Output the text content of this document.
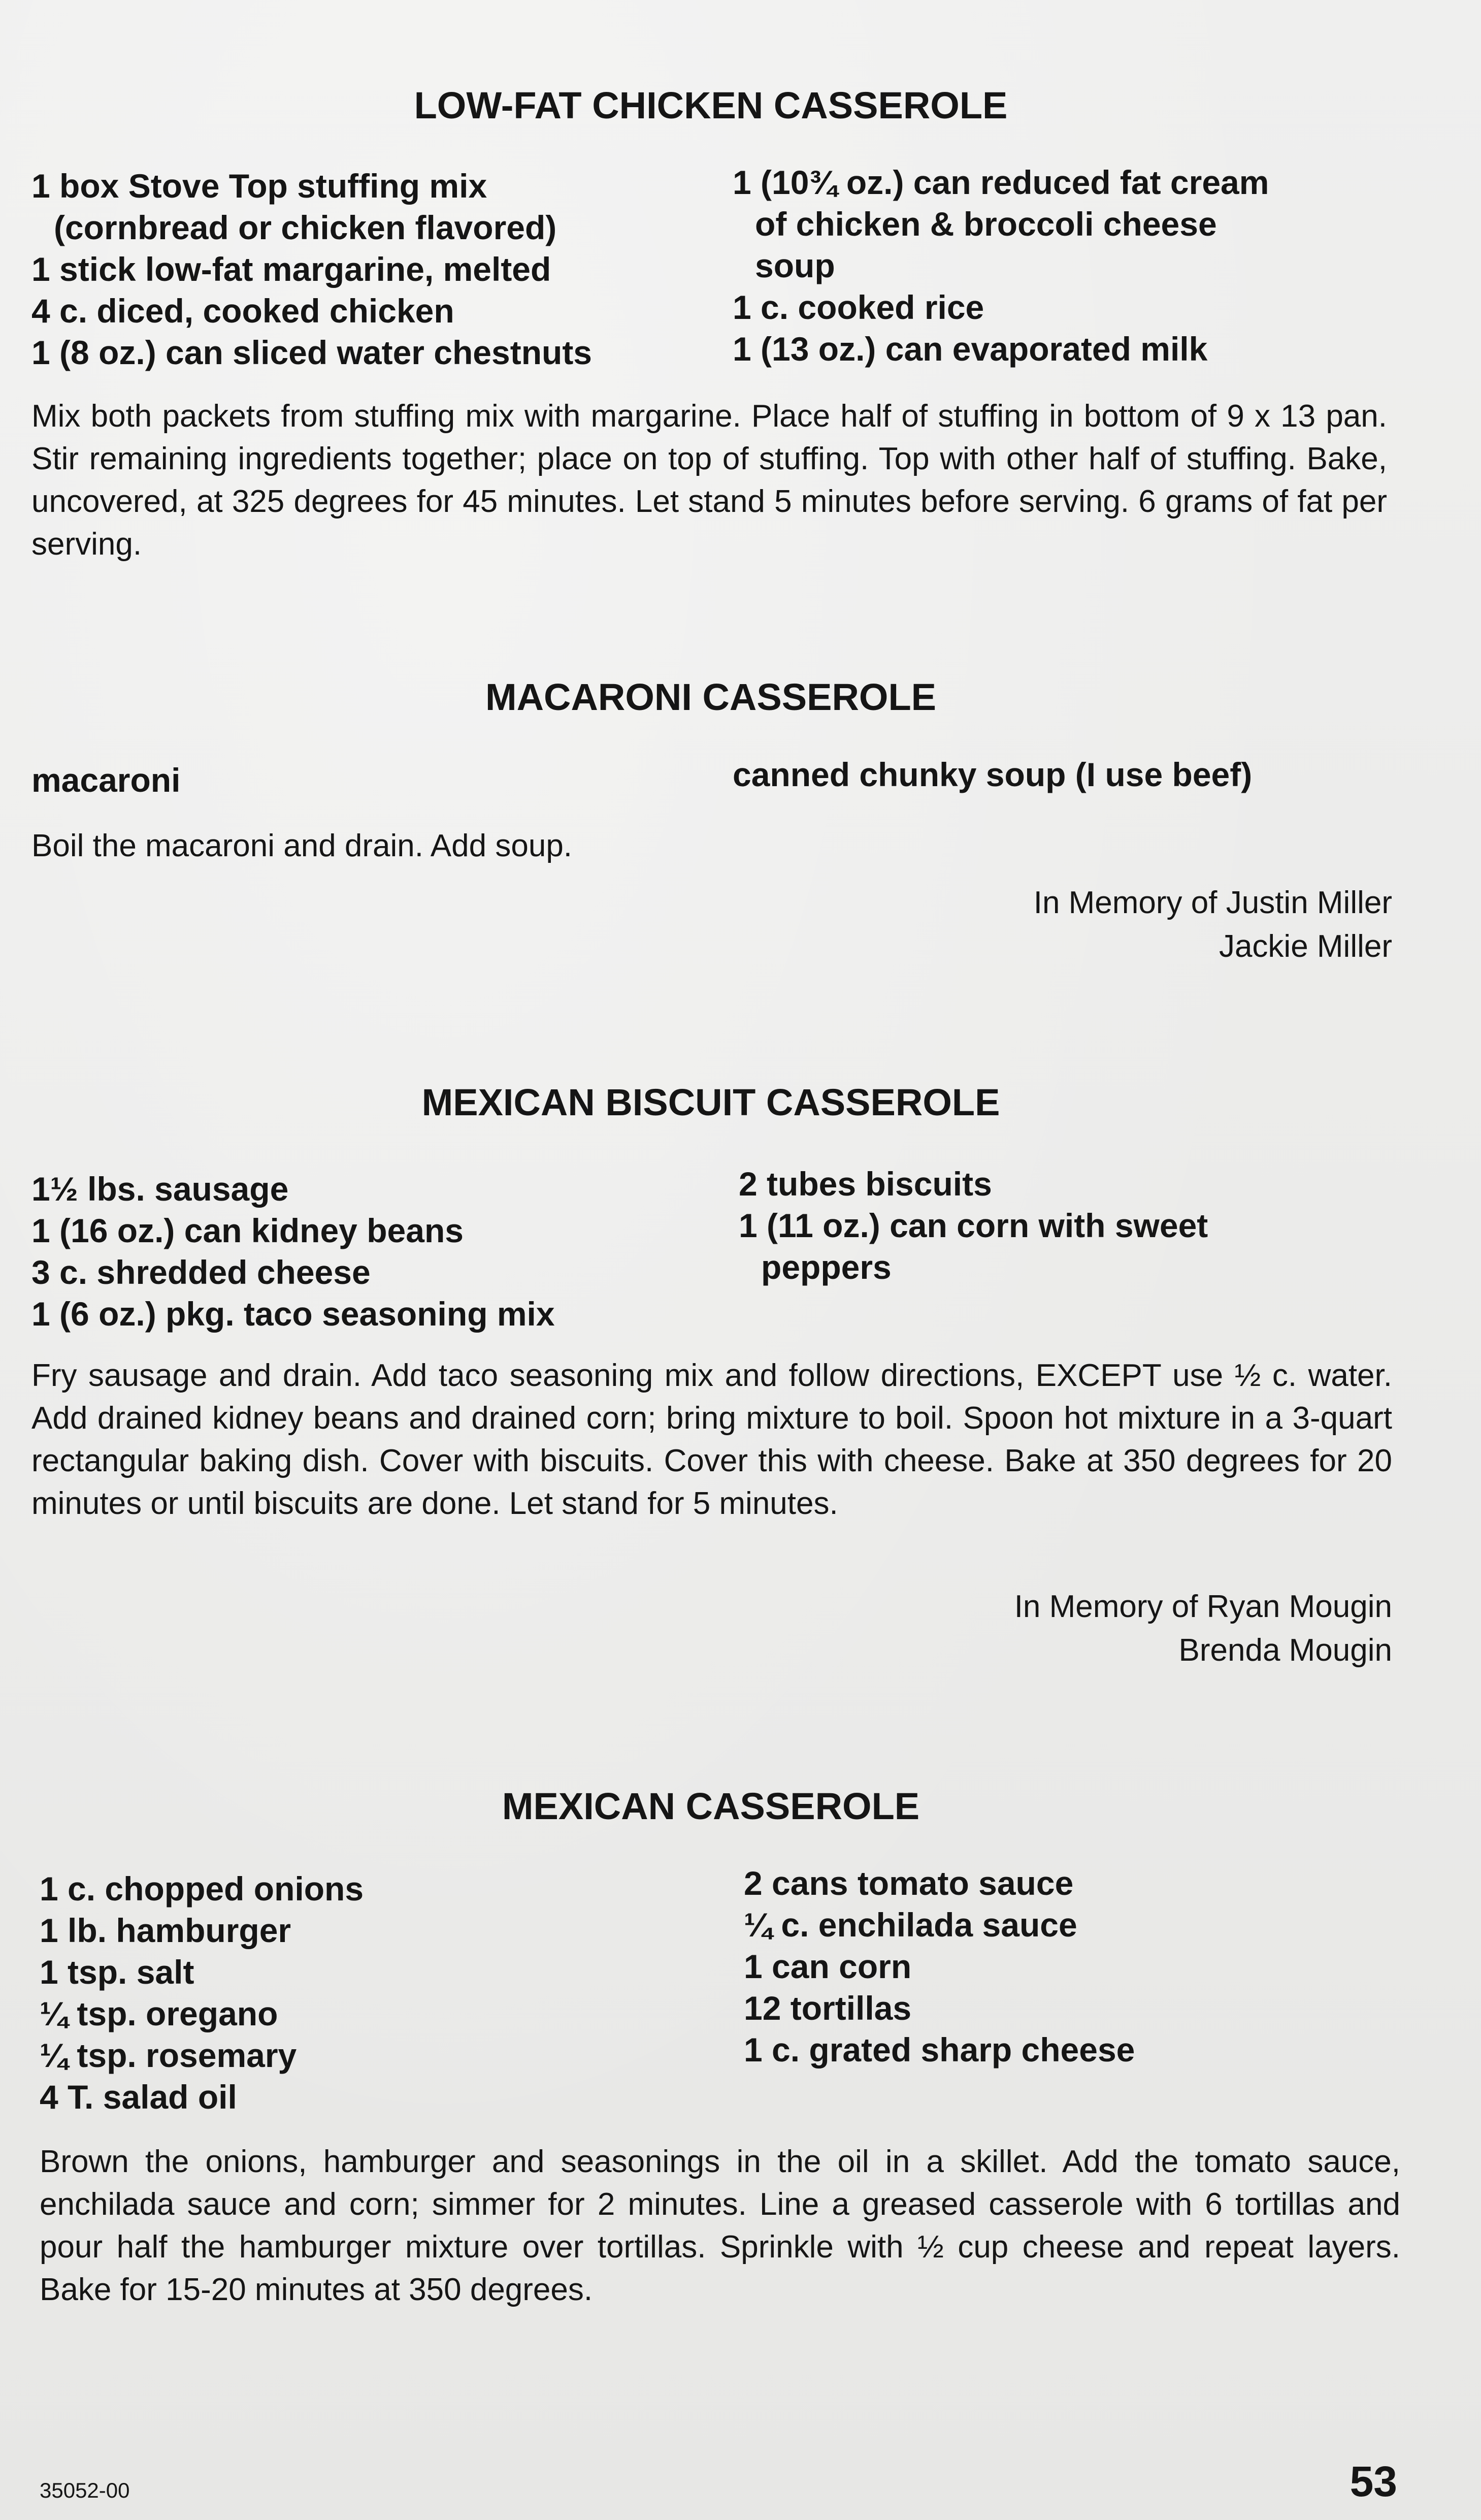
LOW-FAT CHICKEN CASSEROLE
1 box Stove Top stuffing mix
(cornbread or chicken flavored)
1 stick low-fat margarine, melted
4 c. diced, cooked chicken
1 (8 oz.) can sliced water chestnuts
1 (10¾ oz.) can reduced fat cream
of chicken & broccoli cheese
soup
1 c. cooked rice
1 (13 oz.) can evaporated milk

Mix both packets from stuffing mix with margarine. Place half of stuffing in bottom of 9 x 13 pan. Stir remaining ingredients together; place on top of stuffing. Top with other half of stuffing. Bake, uncovered, at 325 degrees for 45 minutes. Let stand 5 minutes before serving. 6 grams of fat per serving.

MACARONI CASSEROLE
macaroni	canned chunky soup (I use beef)

Boil the macaroni and drain. Add soup.

In Memory of Justin Miller
Jackie Miller
MEXICAN BISCUIT CASSEROLE
1½ lbs. sausage
1 (16 oz.) can kidney beans
3 c. shredded cheese
1 (6 oz.) pkg. taco seasoning mix
2 tubes biscuits
1 (11 oz.) can corn with sweet
peppers

Fry sausage and drain. Add taco seasoning mix and follow directions, EXCEPT use ½ c. water. Add drained kidney beans and drained corn; bring mixture to boil. Spoon hot mixture in a 3-quart rectangular baking dish. Cover with biscuits. Cover this with cheese. Bake at 350 degrees for 20 minutes or until biscuits are done. Let stand for 5 minutes.

In Memory of Ryan Mougin
Brenda Mougin
MEXICAN CASSEROLE
1 c. chopped onions
1 lb. hamburger
1 tsp. salt
¼ tsp. oregano
¼ tsp. rosemary
4 T. salad oil
2 cans tomato sauce
¼ c. enchilada sauce
1 can corn
12 tortillas
1 c. grated sharp cheese

Brown the onions, hamburger and seasonings in the oil in a skillet. Add the tomato sauce, enchilada sauce and corn; simmer for 2 minutes. Line a greased casserole with 6 tortillas and pour half the hamburger mixture over tortillas. Sprinkle with ½ cup cheese and repeat layers. Bake for 15-20 minutes at 350 degrees.

35052-00	53
